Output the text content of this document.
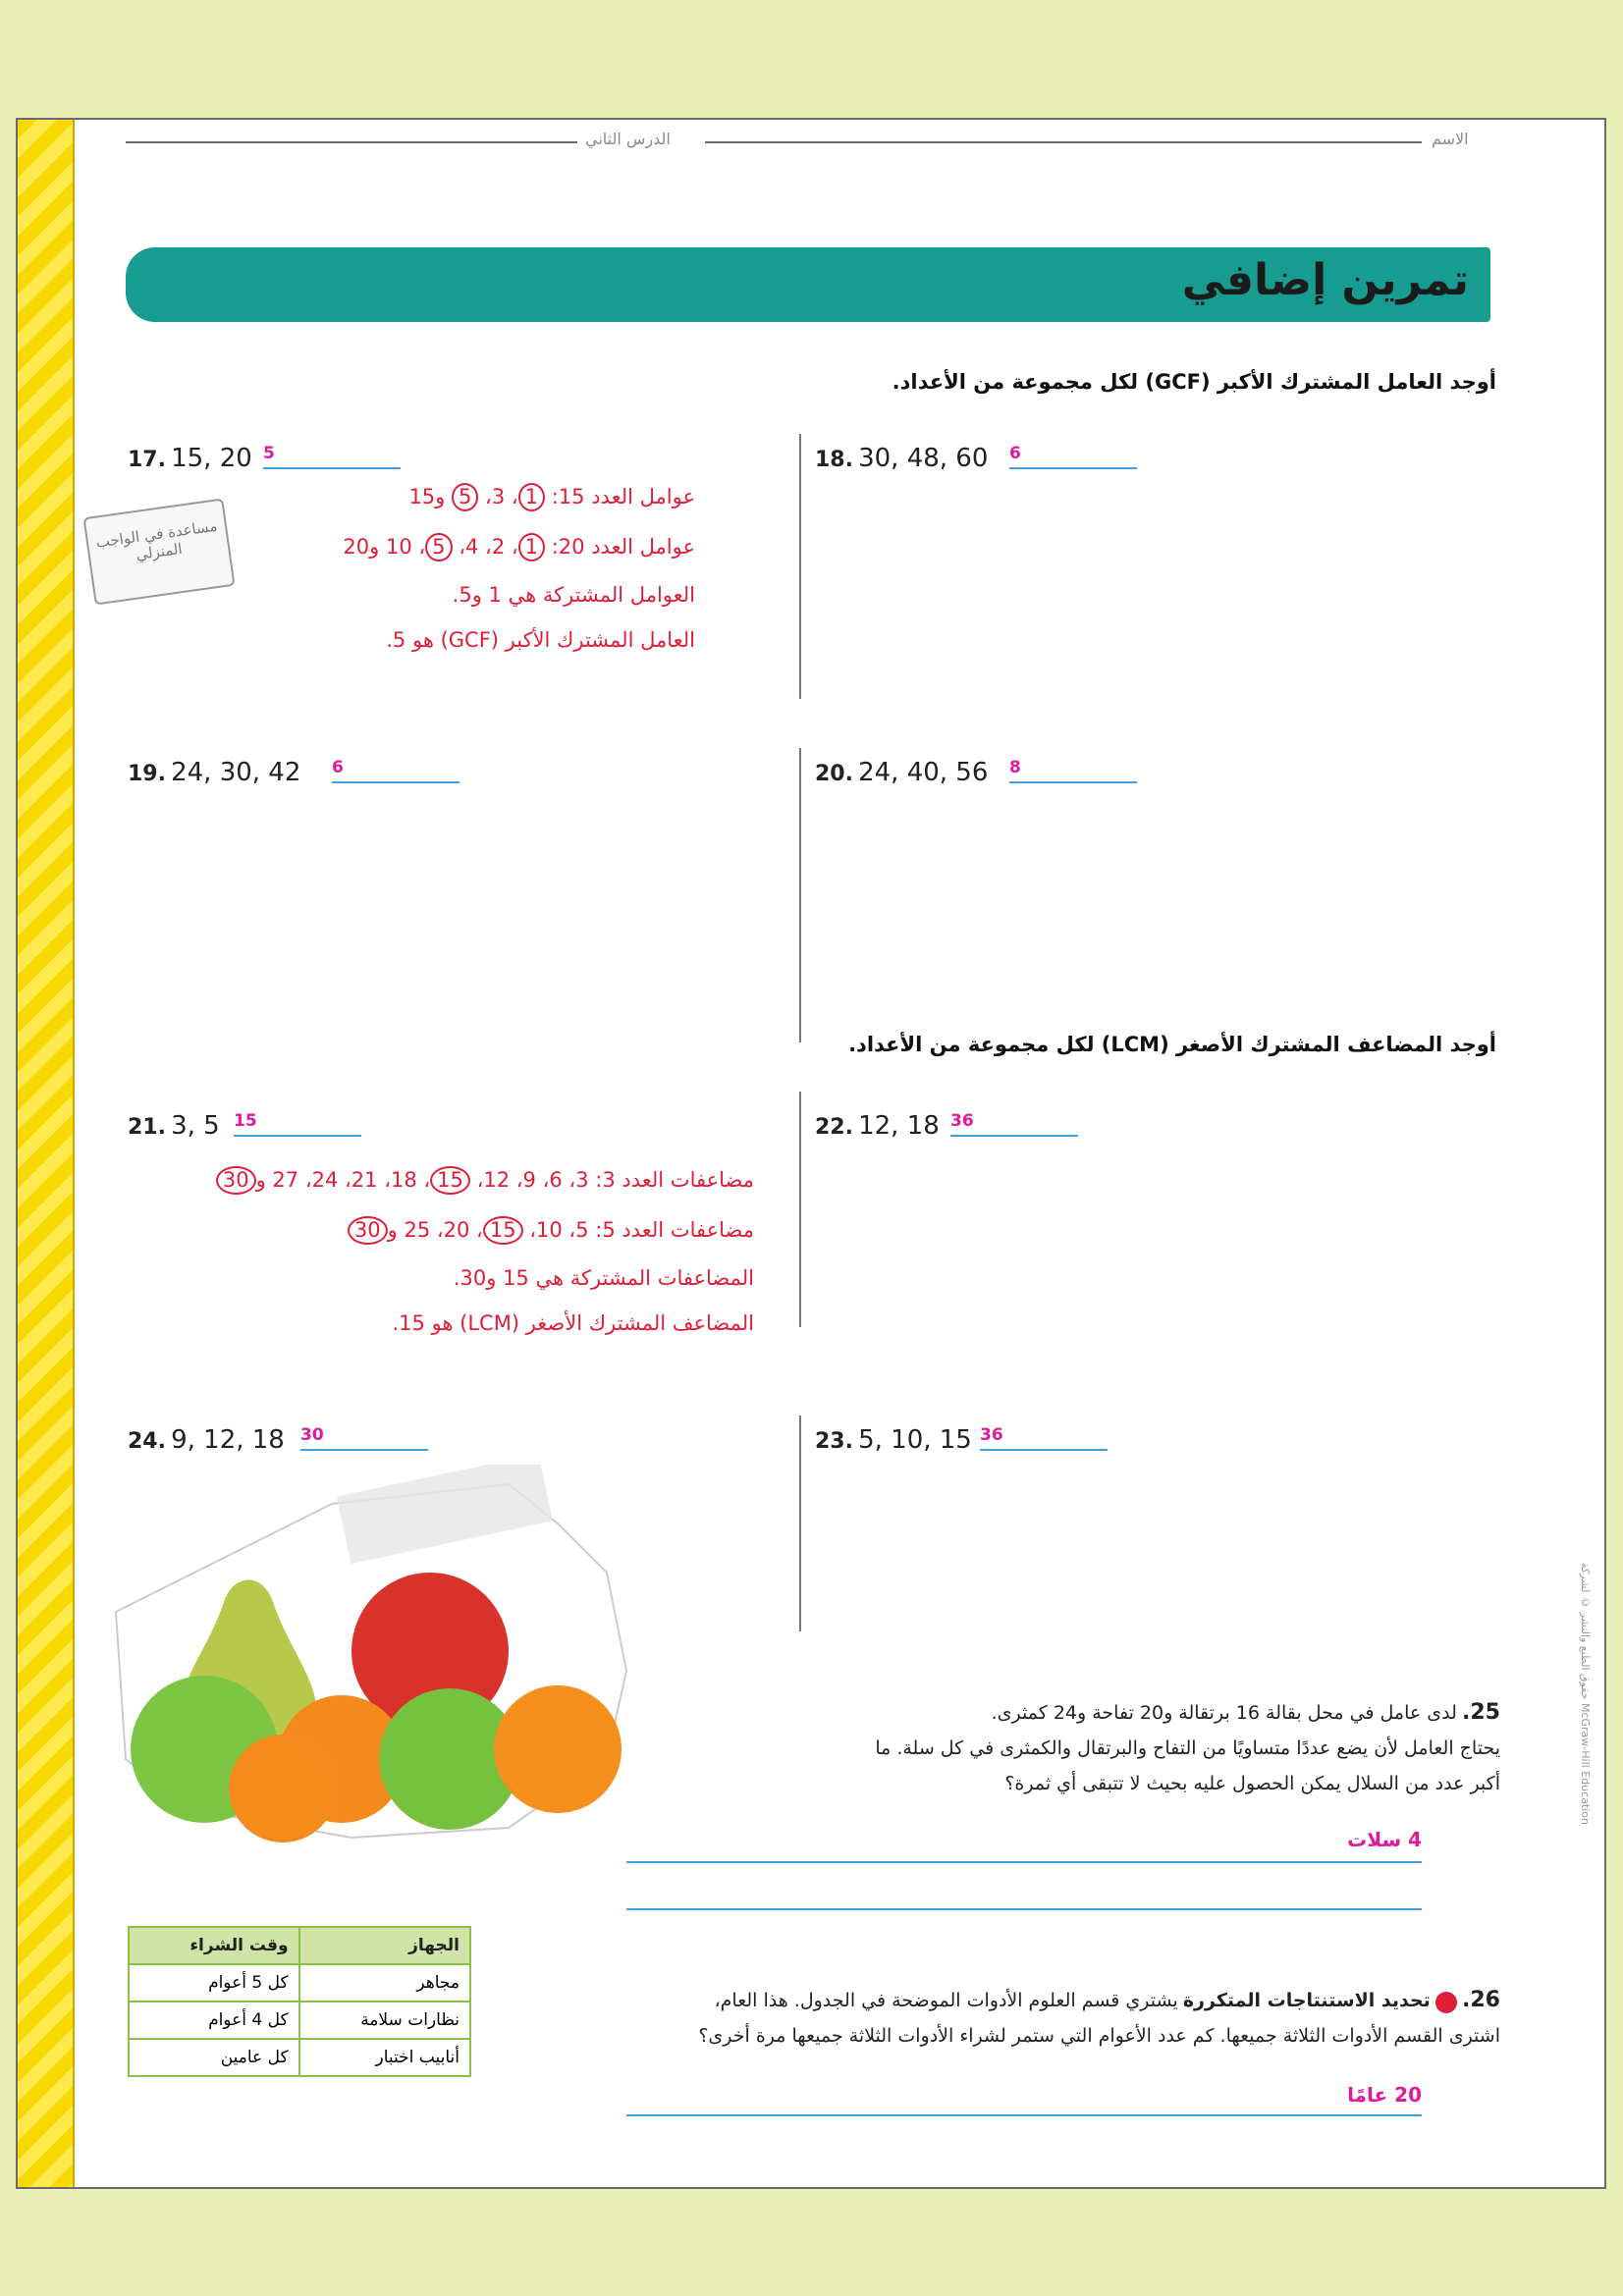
الدرس الثاني	الاسم
تمرين إضافي
أوجد العامل المشترك الأكبر (GCF) لكل مجموعة من الأعداد.
17. 15, 20 5
مساعدة في الواجب المنزلي
عوامل العدد 15: 1، 3، 5 و15
عوامل العدد 20: 1، 2، 4، 5، 10 و20
العوامل المشتركة هي 1 و5.
العامل المشترك الأكبر (GCF) هو 5.
18. 30, 48, 60 6
19. 24, 30, 42 6	20. 24, 40, 56 8
أوجد المضاعف المشترك الأصغر (LCM) لكل مجموعة من الأعداد.
21. 3, 5 15
مضاعفات العدد 3: 3، 6، 9، 12، 15، 18، 21، 24، 27 و30
مضاعفات العدد 5: 5، 10، 15، 20، 25 و30
المضاعفات المشتركة هي 15 و30.
المضاعف المشترك الأصغر (LCM) هو 15.
22. 12, 18 36
24. 9, 12, 18 30	23. 5, 10, 15 36
25. لدى عامل في محل بقالة 16 برتقالة و20 تفاحة و24 كمثرى.
يحتاج العامل لأن يضع عددًا متساويًا من التفاح والبرتقال والكمثرى في كل سلة. ما
أكبر عدد من السلال يمكن الحصول عليه بحيث لا تتبقى أي ثمرة؟
4 سلات
وقت الشراء	الجهاز
كل 5 أعوام	مجاهر
كل 4 أعوام	نظارات سلامة
كل عامين	أنابيب اختبار
26.  تحديد الاستنتاجات المتكررة يشتري قسم العلوم الأدوات الموضحة في الجدول. هذا العام،
اشترى القسم الأدوات الثلاثة جميعها. كم عدد الأعوام التي ستمر لشراء الأدوات الثلاثة جميعها مرة أخرى؟
20 عامًا
حقوق الطبع والنشر © لشركة McGraw-Hill Education
